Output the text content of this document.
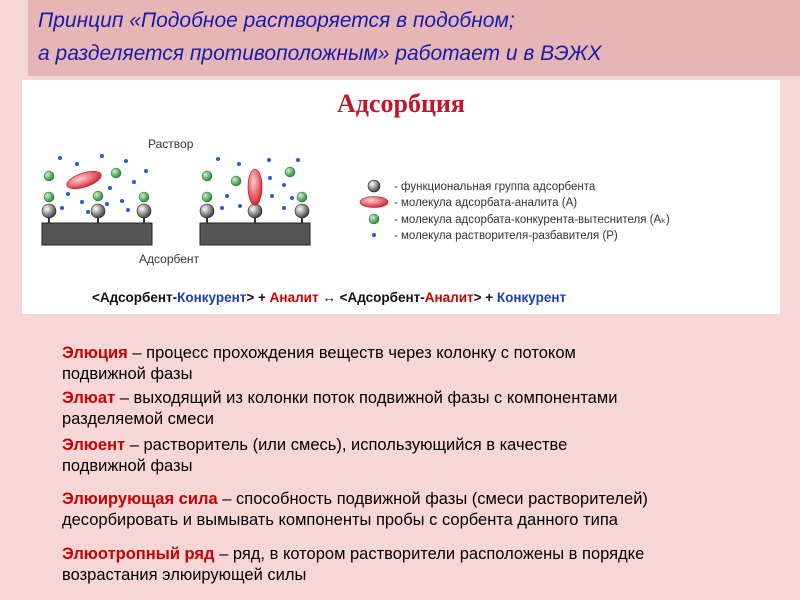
Принцип «Подобное растворяется в подобном;
а разделяется противоположным» работает и в ВЭЖХ
Адсорбция
Раствор
Адсорбент
- функциональная группа адсорбента
- молекула адсорбата-аналита (A)
- молекула адсорбата-конкурента-вытеснителя (Aₖ)
- молекула растворителя-разбавителя (P)
<Адсорбент-Конкурент> + Аналит ↔ <Адсорбент-Аналит> + Конкурент
Элюция – процесс прохождения веществ через колонку с потоком
подвижной фазы
Элюат – выходящий из колонки поток подвижной фазы с компонентами
разделяемой смеси
Элюент – растворитель (или смесь), использующийся в качестве
подвижной фазы
Элюирующая сила – способность подвижной фазы (смеси растворителей)
десорбировать и вымывать компоненты пробы с сорбента данного типа
Элюотропный ряд – ряд, в котором растворители расположены в порядке
возрастания элюирующей силы
